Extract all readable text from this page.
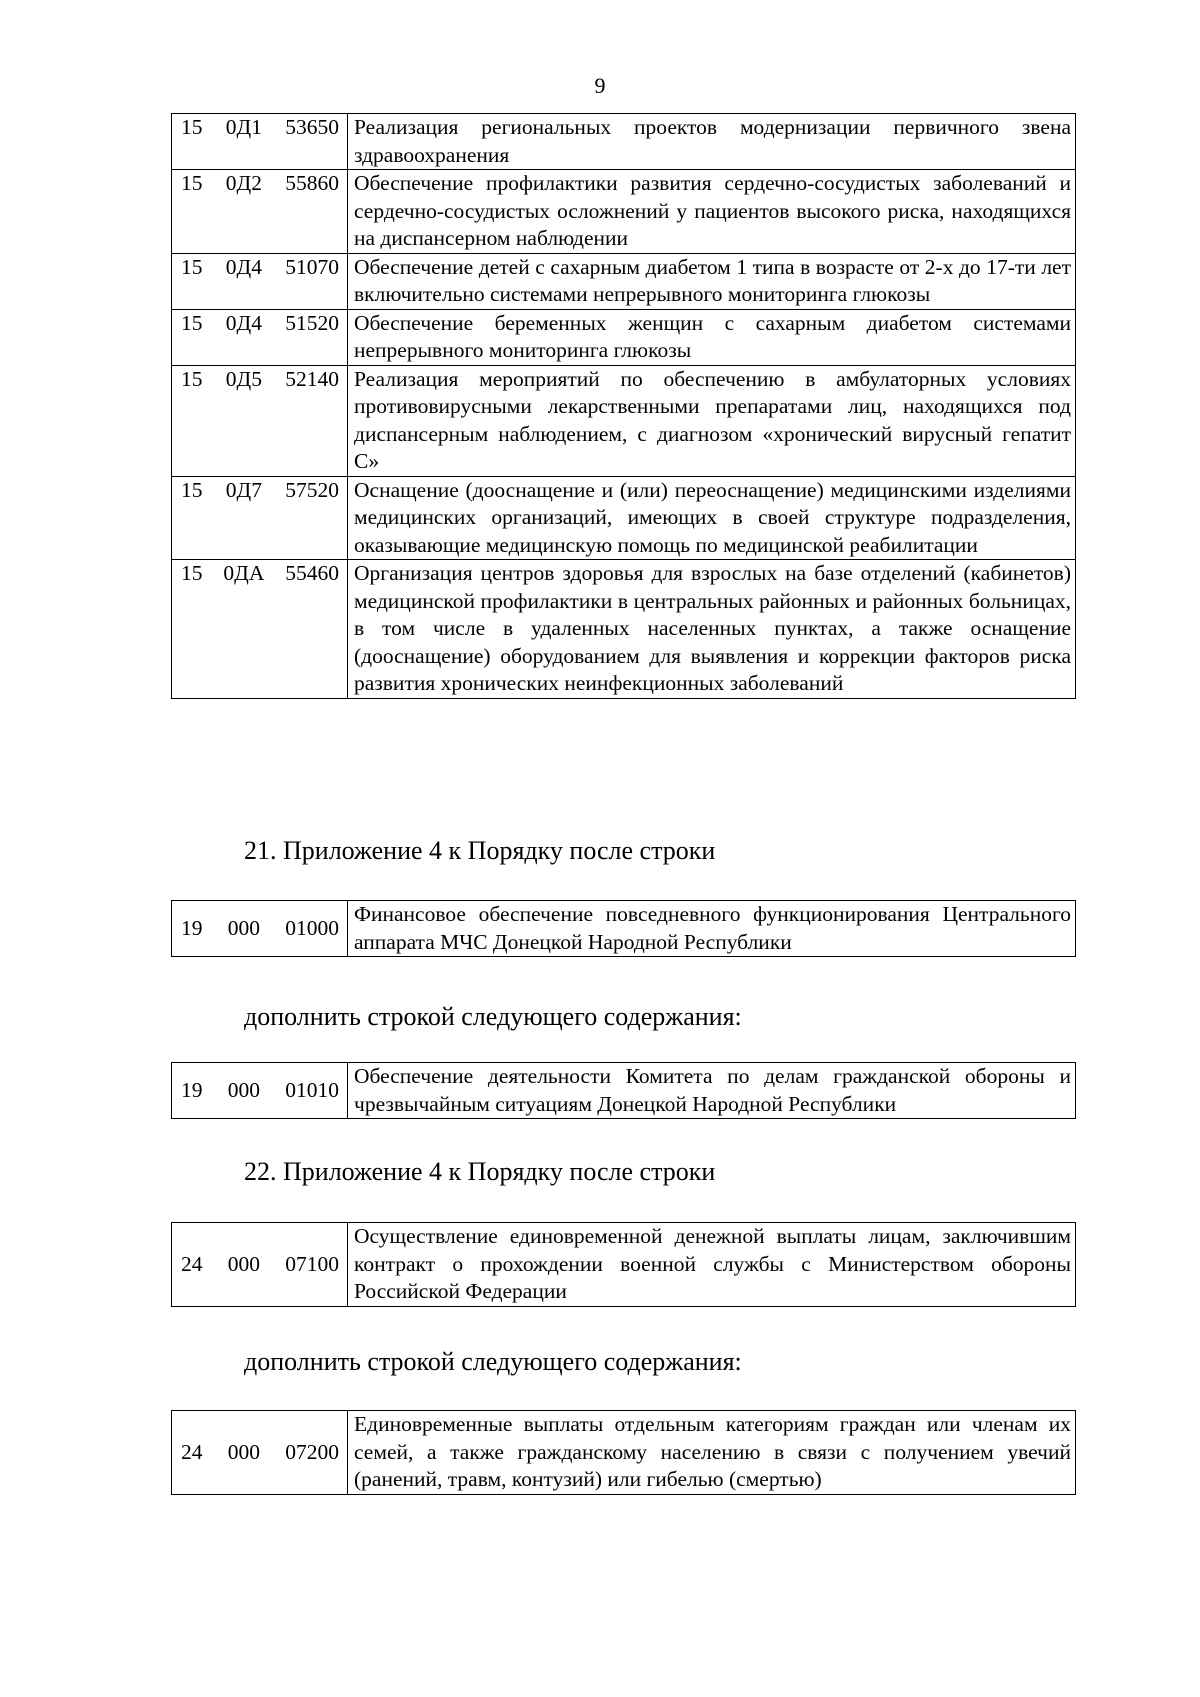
9
15 0Д1 53650	Реализация региональных проектов модернизации первичного звена здравоохранения
15 0Д2 55860	Обеспечение профилактики развития сердечно-сосудистых заболеваний и сердечно-сосудистых осложнений у пациентов высокого риска, находящихся на диспансерном наблюдении
15 0Д4 51070	Обеспечение детей с сахарным диабетом 1 типа в возрасте от 2-х до 17-ти лет включительно системами непрерывного мониторинга глюкозы
15 0Д4 51520	Обеспечение беременных женщин с сахарным диабетом системами непрерывного мониторинга глюкозы
15 0Д5 52140	Реализация мероприятий по обеспечению в амбулаторных условиях противовирусными лекарственными препаратами лиц, находящихся под диспансерным наблюдением, с диагнозом «хронический вирусный гепатит С»
15 0Д7 57520	Оснащение (дооснащение и (или) переоснащение) медицинскими изделиями медицинских организаций, имеющих в своей структуре подразделения, оказывающие медицинскую помощь по медицинской реабилитации
15 0ДА 55460	Организация центров здоровья для взрослых на базе отделений (кабинетов) медицинской профилактики в центральных районных и районных больницах, в том числе в удаленных населенных пунктах, а также оснащение (дооснащение) оборудованием для выявления и коррекции факторов риска развития хронических неинфекционных заболеваний
21. Приложение 4 к Порядку после строки
19 000 01000	Финансовое обеспечение повседневного функционирования Центрального аппарата МЧС Донецкой Народной Республики
дополнить строкой следующего содержания:
19 000 01010	Обеспечение деятельности Комитета по делам гражданской обороны и чрезвычайным ситуациям Донецкой Народной Республики
22. Приложение 4 к Порядку после строки
24 000 07100	Осуществление единовременной денежной выплаты лицам, заключившим контракт о прохождении военной службы с Министерством обороны Российской Федерации
дополнить строкой следующего содержания:
24 000 07200	Единовременные выплаты отдельным категориям граждан или членам их семей, а также гражданскому населению в связи с получением увечий (ранений, травм, контузий) или гибелью (смертью)
